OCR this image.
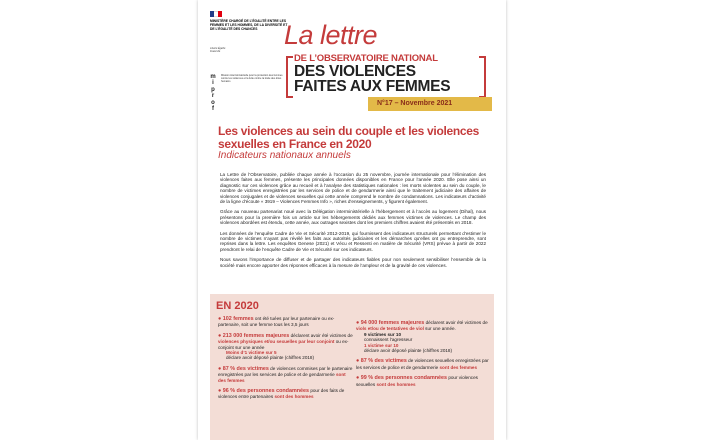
MINISTÈRE CHARGÉ DE L’ÉGALITÉ ENTRE LES FEMMES ET LES HOMMES, DE LA DIVERSITÉ ET DE L’ÉGALITÉ DES CHANCES
Liberté Égalité Fraternité
m
i
p
r
o
f
Mission interministérielle pour la protection des femmes contre les violences et la lutte contre la traite des êtres humains
La lettre
DE L’OBSERVATOIRE NATIONAL
DES VIOLENCES
FAITES AUX FEMMES
N°17 – Novembre 2021
Les violences au sein du couple et les violences sexuelles en France en 2020
Indicateurs nationaux annuels

La Lettre de l’Observatoire, publiée chaque année à l’occasion du 25 novembre, journée internationale pour l’élimination des violences faites aux femmes, présente les principales données disponibles en France pour l’année 2020. Elle pose ainsi un diagnostic sur ces violences grâce au recueil et à l’analyse des statistiques nationales : les morts violentes au sein du couple, le nombre de victimes enregistrées par les services de police et de gendarmerie ainsi que le traitement judiciaire des affaires de violences conjugales et de violences sexuelles qui cette année comprend le nombre de condamnations. Les indicateurs d’activité de la ligne d’écoute « 3919 – Violences Femmes Info », riches d’enseignements, y figurent également.

Grâce au nouveau partenariat noué avec la Délégation interministérielle à l’hébergement et à l’accès au logement (Dihal), nous présentons pour la première fois un article sur les hébergements dédiés aux femmes victimes de violences. Le champ des violences abordées est étendu, cette année, aux outrages sexistes dont les premiers chiffres avaient été présentés en 2018.

Les données de l’enquête Cadre de Vie et Sécurité 2012-2019, qui fournissent des indicateurs structurels permettant d’estimer le nombre de victimes n’ayant pas révélé les faits aux autorités judiciaires et les démarches qu’elles ont pu entreprendre, sont reprises dans la lettre. Les enquêtes Genese (2021) et Vécu et Ressenti en matière de Sécurité (VRS) prévue à partir de 2022 prendront le relai de l’enquête Cadre de Vie et Sécurité sur ces indicateurs.

Nous savons l’importance de diffuser et de partager des indicateurs fiables pour non seulement sensibiliser l’ensemble de la société mais encore apporter des réponses efficaces à la mesure de l’ampleur et de la gravité de ces violences.

EN 2020
● 102 femmes ont été tuées par leur partenaire ou ex-partenaire, soit une femme tous les 3,5 jours
● 213 000 femmes majeures déclarent avoir été victimes de violences physiques et/ou sexuelles par leur conjoint ou ex-conjoint sur une année
Moins d’1 victime sur 5
déclare avoir déposé plainte (chiffres 2018)
● 87 % des victimes de violences commises par le partenaire enregistrées par les services de police et de gendarmerie sont des femmes
● 96 % des personnes condamnées pour des faits de violences entre partenaires sont des hommes
● 94 000 femmes majeures déclarent avoir été victimes de viols et/ou de tentatives de viol sur une année.
9 victimes sur 10
connaissent l’agresseur
1 victime sur 10
déclare avoir déposé plainte (chiffres 2018)
● 87 % des victimes de violences sexuelles enregistrées par les services de police et de gendarmerie sont des femmes
● 99 % des personnes condamnées pour violences sexuelles sont des hommes
